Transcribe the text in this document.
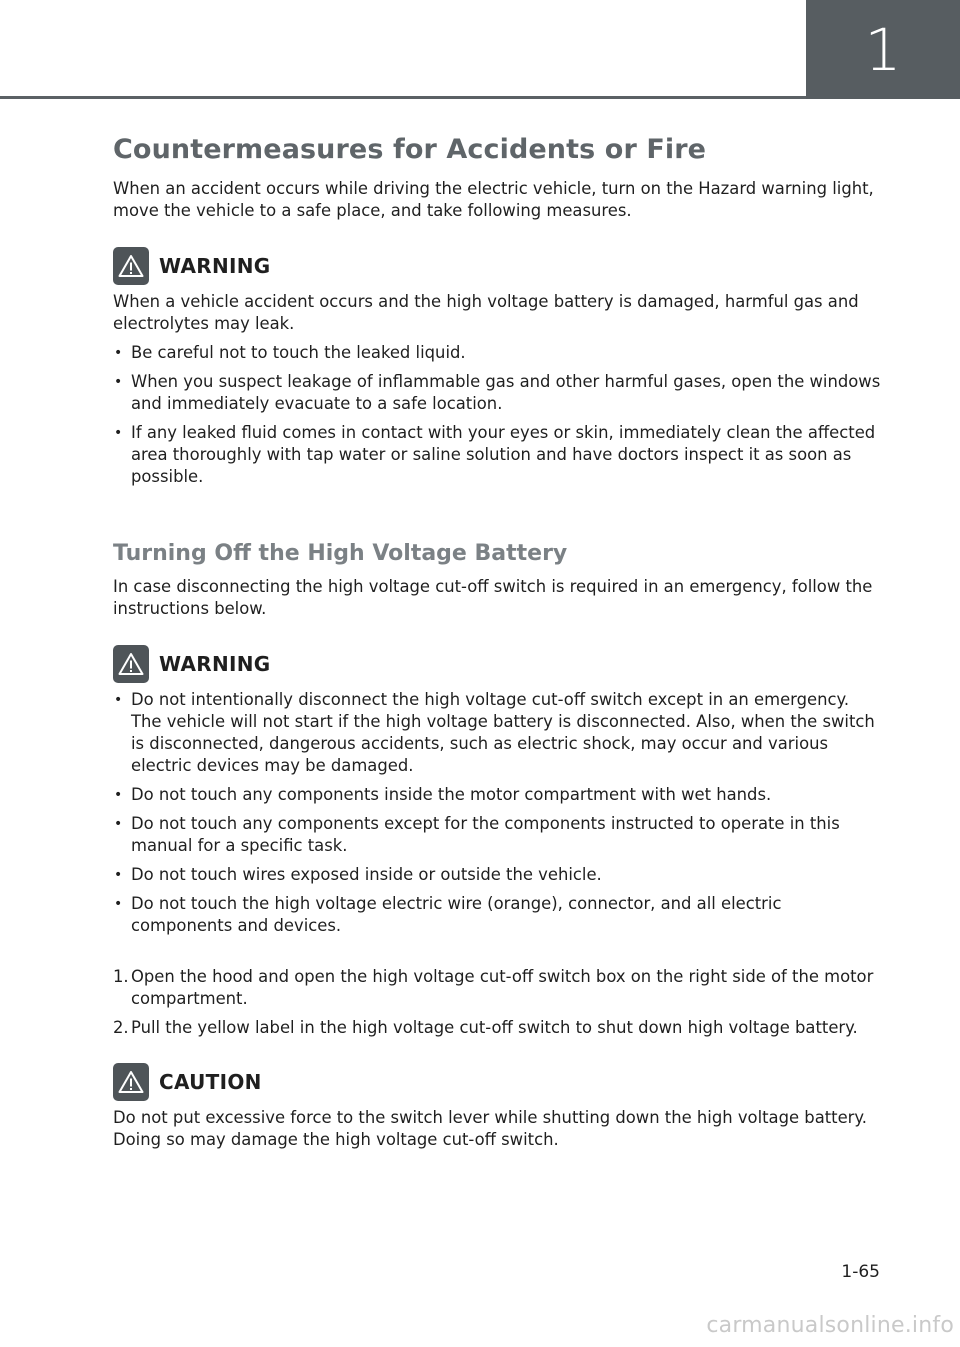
1
Countermeasures for Accidents or Fire

When an accident occurs while driving the electric vehicle, turn on the Hazard warning light, move the vehicle to a safe place, and take following measures.

WARNING

When a vehicle accident occurs and the high voltage battery is damaged, harmful gas and electrolytes may leak.

• Be careful not to touch the leaked liquid.
• When you suspect leakage of inflammable gas and other harmful gases, open the windows and immediately evacuate to a safe location.
• If any leaked fluid comes in contact with your eyes or skin, immediately clean the affected area thoroughly with tap water or saline solution and have doctors inspect it as soon as possible.
Turning Off the High Voltage Battery

In case disconnecting the high voltage cut-off switch is required in an emergency, follow the instructions below.

WARNING
• Do not intentionally disconnect the high voltage cut-off switch except in an emergency. The vehicle will not start if the high voltage battery is disconnected. Also, when the switch is disconnected, dangerous accidents, such as electric shock, may occur and various electric devices may be damaged.
• Do not touch any components inside the motor compartment with wet hands.
• Do not touch any components except for the components instructed to operate in this manual for a specific task.
• Do not touch wires exposed inside or outside the vehicle.
• Do not touch the high voltage electric wire (orange), connector, and all electric components and devices.
1. Open the hood and open the high voltage cut-off switch box on the right side of the motor compartment.
2. Pull the yellow label in the high voltage cut-off switch to shut down high voltage battery.
CAUTION

Do not put excessive force to the switch lever while shutting down the high voltage battery. Doing so may damage the high voltage cut-off switch.

1-65
carmanualsonline.info
